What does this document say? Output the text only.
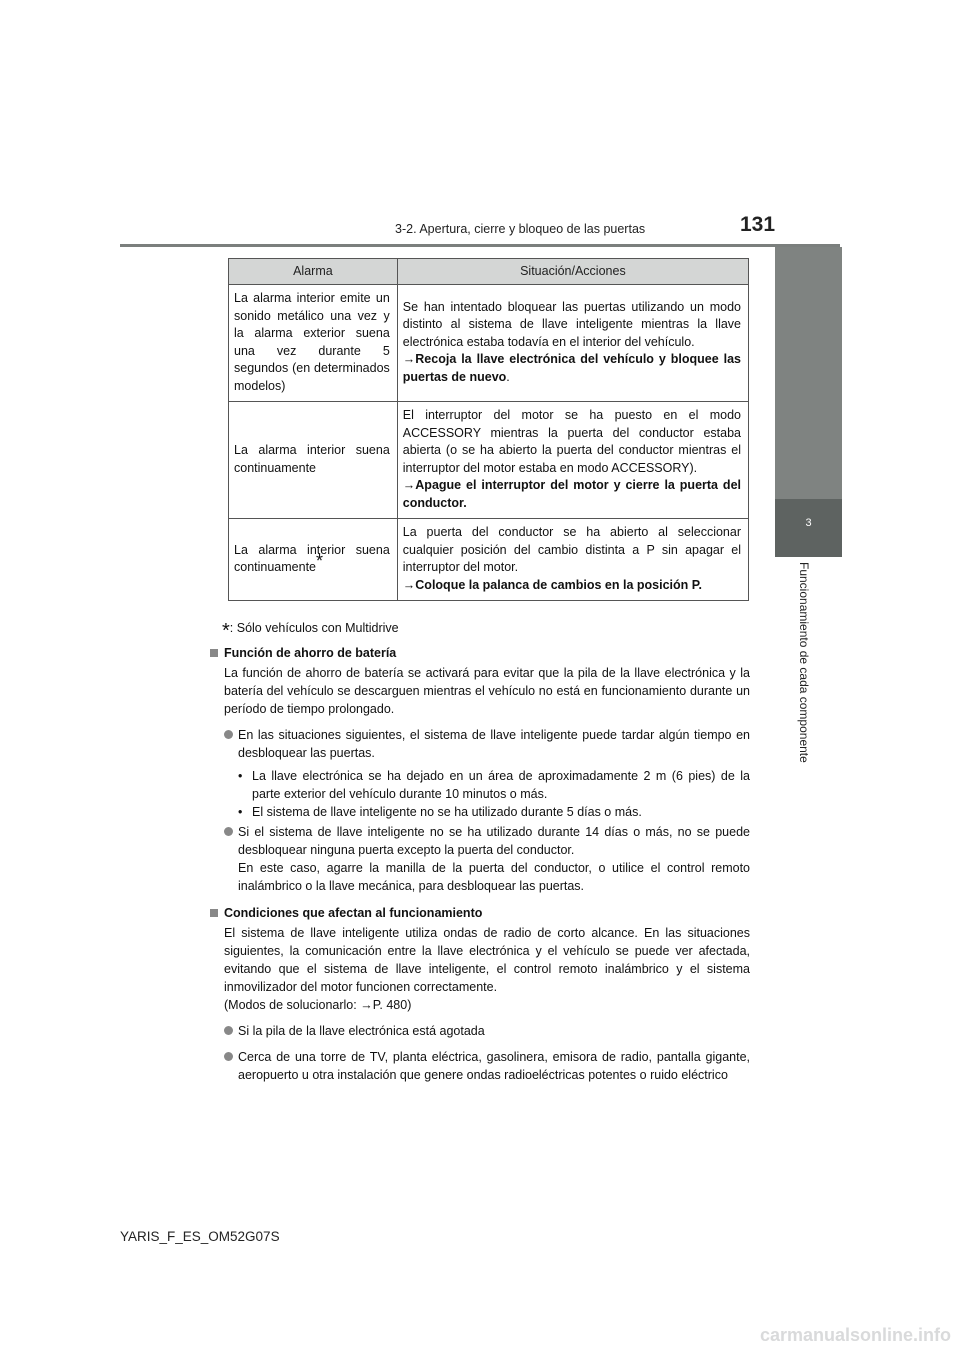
3-2. Apertura, cierre y bloqueo de las puertas	131
3
Funcionamiento de cada componente
Alarma	Situación/Acciones
La alarma interior emite un sonido metálico una vez y la alarma exterior suena una vez durante 5 segundos (en determinados modelos)	Se han intentado bloquear las puertas utilizando un modo distinto al sistema de llave inteligente mientras la llave electrónica estaba todavía en el interior del vehículo.
→Recoja la llave electrónica del vehículo y bloquee las puertas de nuevo.
La alarma interior suena continuamente	El interruptor del motor se ha puesto en el modo ACCESSORY mientras la puerta del conductor estaba abierta (o se ha abierto la puerta del conductor mientras el interruptor del motor estaba en modo ACCESSORY).
→Apague el interruptor del motor y cierre la puerta del conductor.
La alarma interior suena continuamente*	La puerta del conductor se ha abierto al seleccionar cualquier posición del cambio distinta a P sin apagar el interruptor del motor.
→Coloque la palanca de cambios en la posición P.
*: Sólo vehículos con Multidrive
Función de ahorro de batería
La función de ahorro de batería se activará para evitar que la pila de la llave electrónica y la batería del vehículo se descarguen mientras el vehículo no está en funcionamiento durante un período de tiempo prolongado.
En las situaciones siguientes, el sistema de llave inteligente puede tardar algún tiempo en desbloquear las puertas.
• La llave electrónica se ha dejado en un área de aproximadamente 2 m (6 pies) de la parte exterior del vehículo durante 10 minutos o más.
• El sistema de llave inteligente no se ha utilizado durante 5 días o más.
Si el sistema de llave inteligente no se ha utilizado durante 14 días o más, no se puede desbloquear ninguna puerta excepto la puerta del conductor.
En este caso, agarre la manilla de la puerta del conductor, o utilice el control remoto inalámbrico o la llave mecánica, para desbloquear las puertas.
Condiciones que afectan al funcionamiento
El sistema de llave inteligente utiliza ondas de radio de corto alcance. En las situaciones siguientes, la comunicación entre la llave electrónica y el vehículo se puede ver afectada, evitando que el sistema de llave inteligente, el control remoto inalámbrico y el sistema inmovilizador del motor funcionen correctamente.
(Modos de solucionarlo: →P. 480)
Si la pila de la llave electrónica está agotada
Cerca de una torre de TV, planta eléctrica, gasolinera, emisora de radio, pantalla gigante, aeropuerto u otra instalación que genere ondas radioeléctricas potentes o ruido eléctrico
YARIS_F_ES_OM52G07S
carmanualsonline.info
